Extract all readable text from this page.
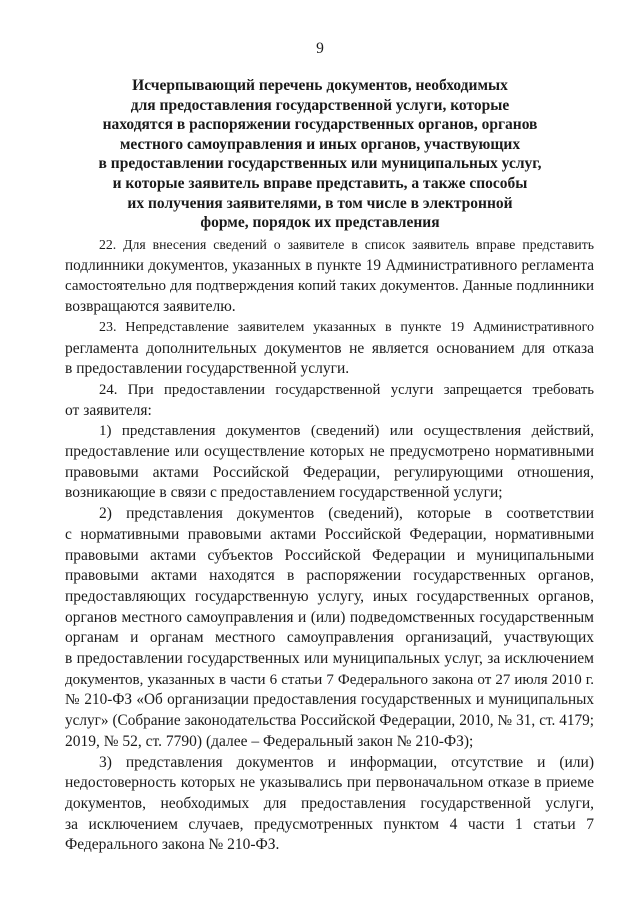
9
Исчерпывающий перечень документов, необходимых
для предоставления государственной услуги, которые
находятся в распоряжении государственных органов, органов
местного самоуправления и иных органов, участвующих
в предоставлении государственных или муниципальных услуг,
и которые заявитель вправе представить, а также способы
их получения заявителями, в том числе в электронной
форме, порядок их представления

22. Для внесения сведений о заявителе в список заявитель вправе представить
подлинники документов, указанных в пункте 19 Административного регламента
самостоятельно для подтверждения копий таких документов. Данные подлинники
возвращаются заявителю.

23. Непредставление заявителем указанных в пункте 19 Административного
регламента дополнительных документов не является основанием для отказа
в предоставлении государственной услуги.

24. При предоставлении государственной услуги запрещается требовать
от заявителя:

1) представления документов (сведений) или осуществления действий,
предоставление или осуществление которых не предусмотрено нормативными
правовыми актами Российской Федерации, регулирующими отношения,
возникающие в связи с предоставлением государственной услуги;

2) представления документов (сведений), которые в соответствии
с нормативными правовыми актами Российской Федерации, нормативными
правовыми актами субъектов Российской Федерации и муниципальными
правовыми актами находятся в распоряжении государственных органов,
предоставляющих государственную услугу, иных государственных органов,
органов местного самоуправления и (или) подведомственных государственным
органам и органам местного самоуправления организаций, участвующих
в предоставлении государственных или муниципальных услуг, за исключением
документов, указанных в части 6 статьи 7 Федерального закона от 27 июля 2010 г.
№ 210-ФЗ «Об организации предоставления государственных и муниципальных
услуг» (Собрание законодательства Российской Федерации, 2010, № 31, ст. 4179;
2019, № 52, ст. 7790) (далее – Федеральный закон № 210-ФЗ);

3) представления документов и информации, отсутствие и (или)
недостоверность которых не указывались при первоначальном отказе в приеме
документов, необходимых для предоставления государственной услуги,
за исключением случаев, предусмотренных пунктом 4 части 1 статьи 7
Федерального закона № 210-ФЗ.
